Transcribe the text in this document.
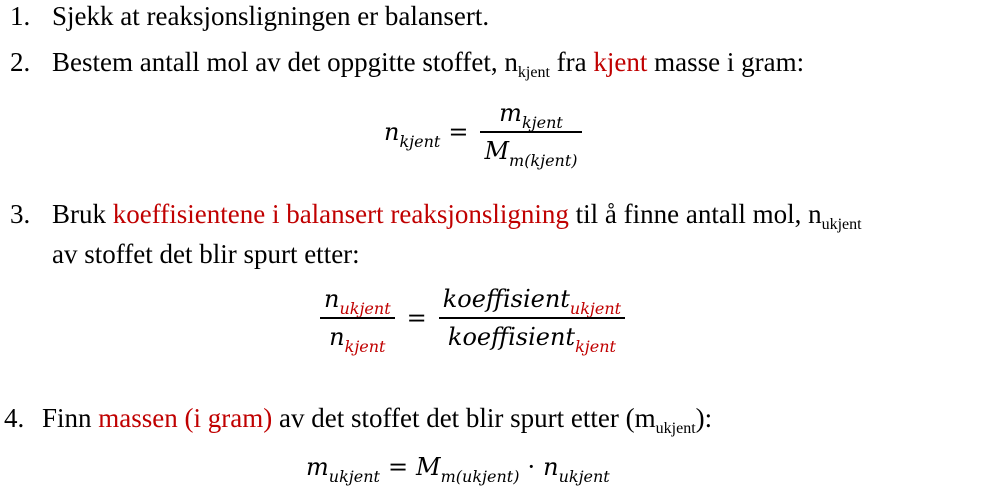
1. Sjekk at reaksjonsligningen er balansert.
2. Bestem antall mol av det oppgitte stoffet, $n_{kjent}$ fra kjent masse i gram:
$n_{kjent} = \frac{m_{kjent}}{M_{m(kjent)}}$
3. Bruk koeffisientene i balansert reaksjonsligning til å finne antall mol, $n_{ukjent}$
av stoffet det blir spurt etter:
$\frac{n_{ukjent}}{n_{kjent}} = \frac{koeffisient_{ukjent}}{koeffisient_{kjent}}$
4. Finn massen (i gram) av det stoffet det blir spurt etter $(m_{ukjent})$:
$m_{ukjent} = M_{m(ukjent)} \cdot n_{ukjent}$
